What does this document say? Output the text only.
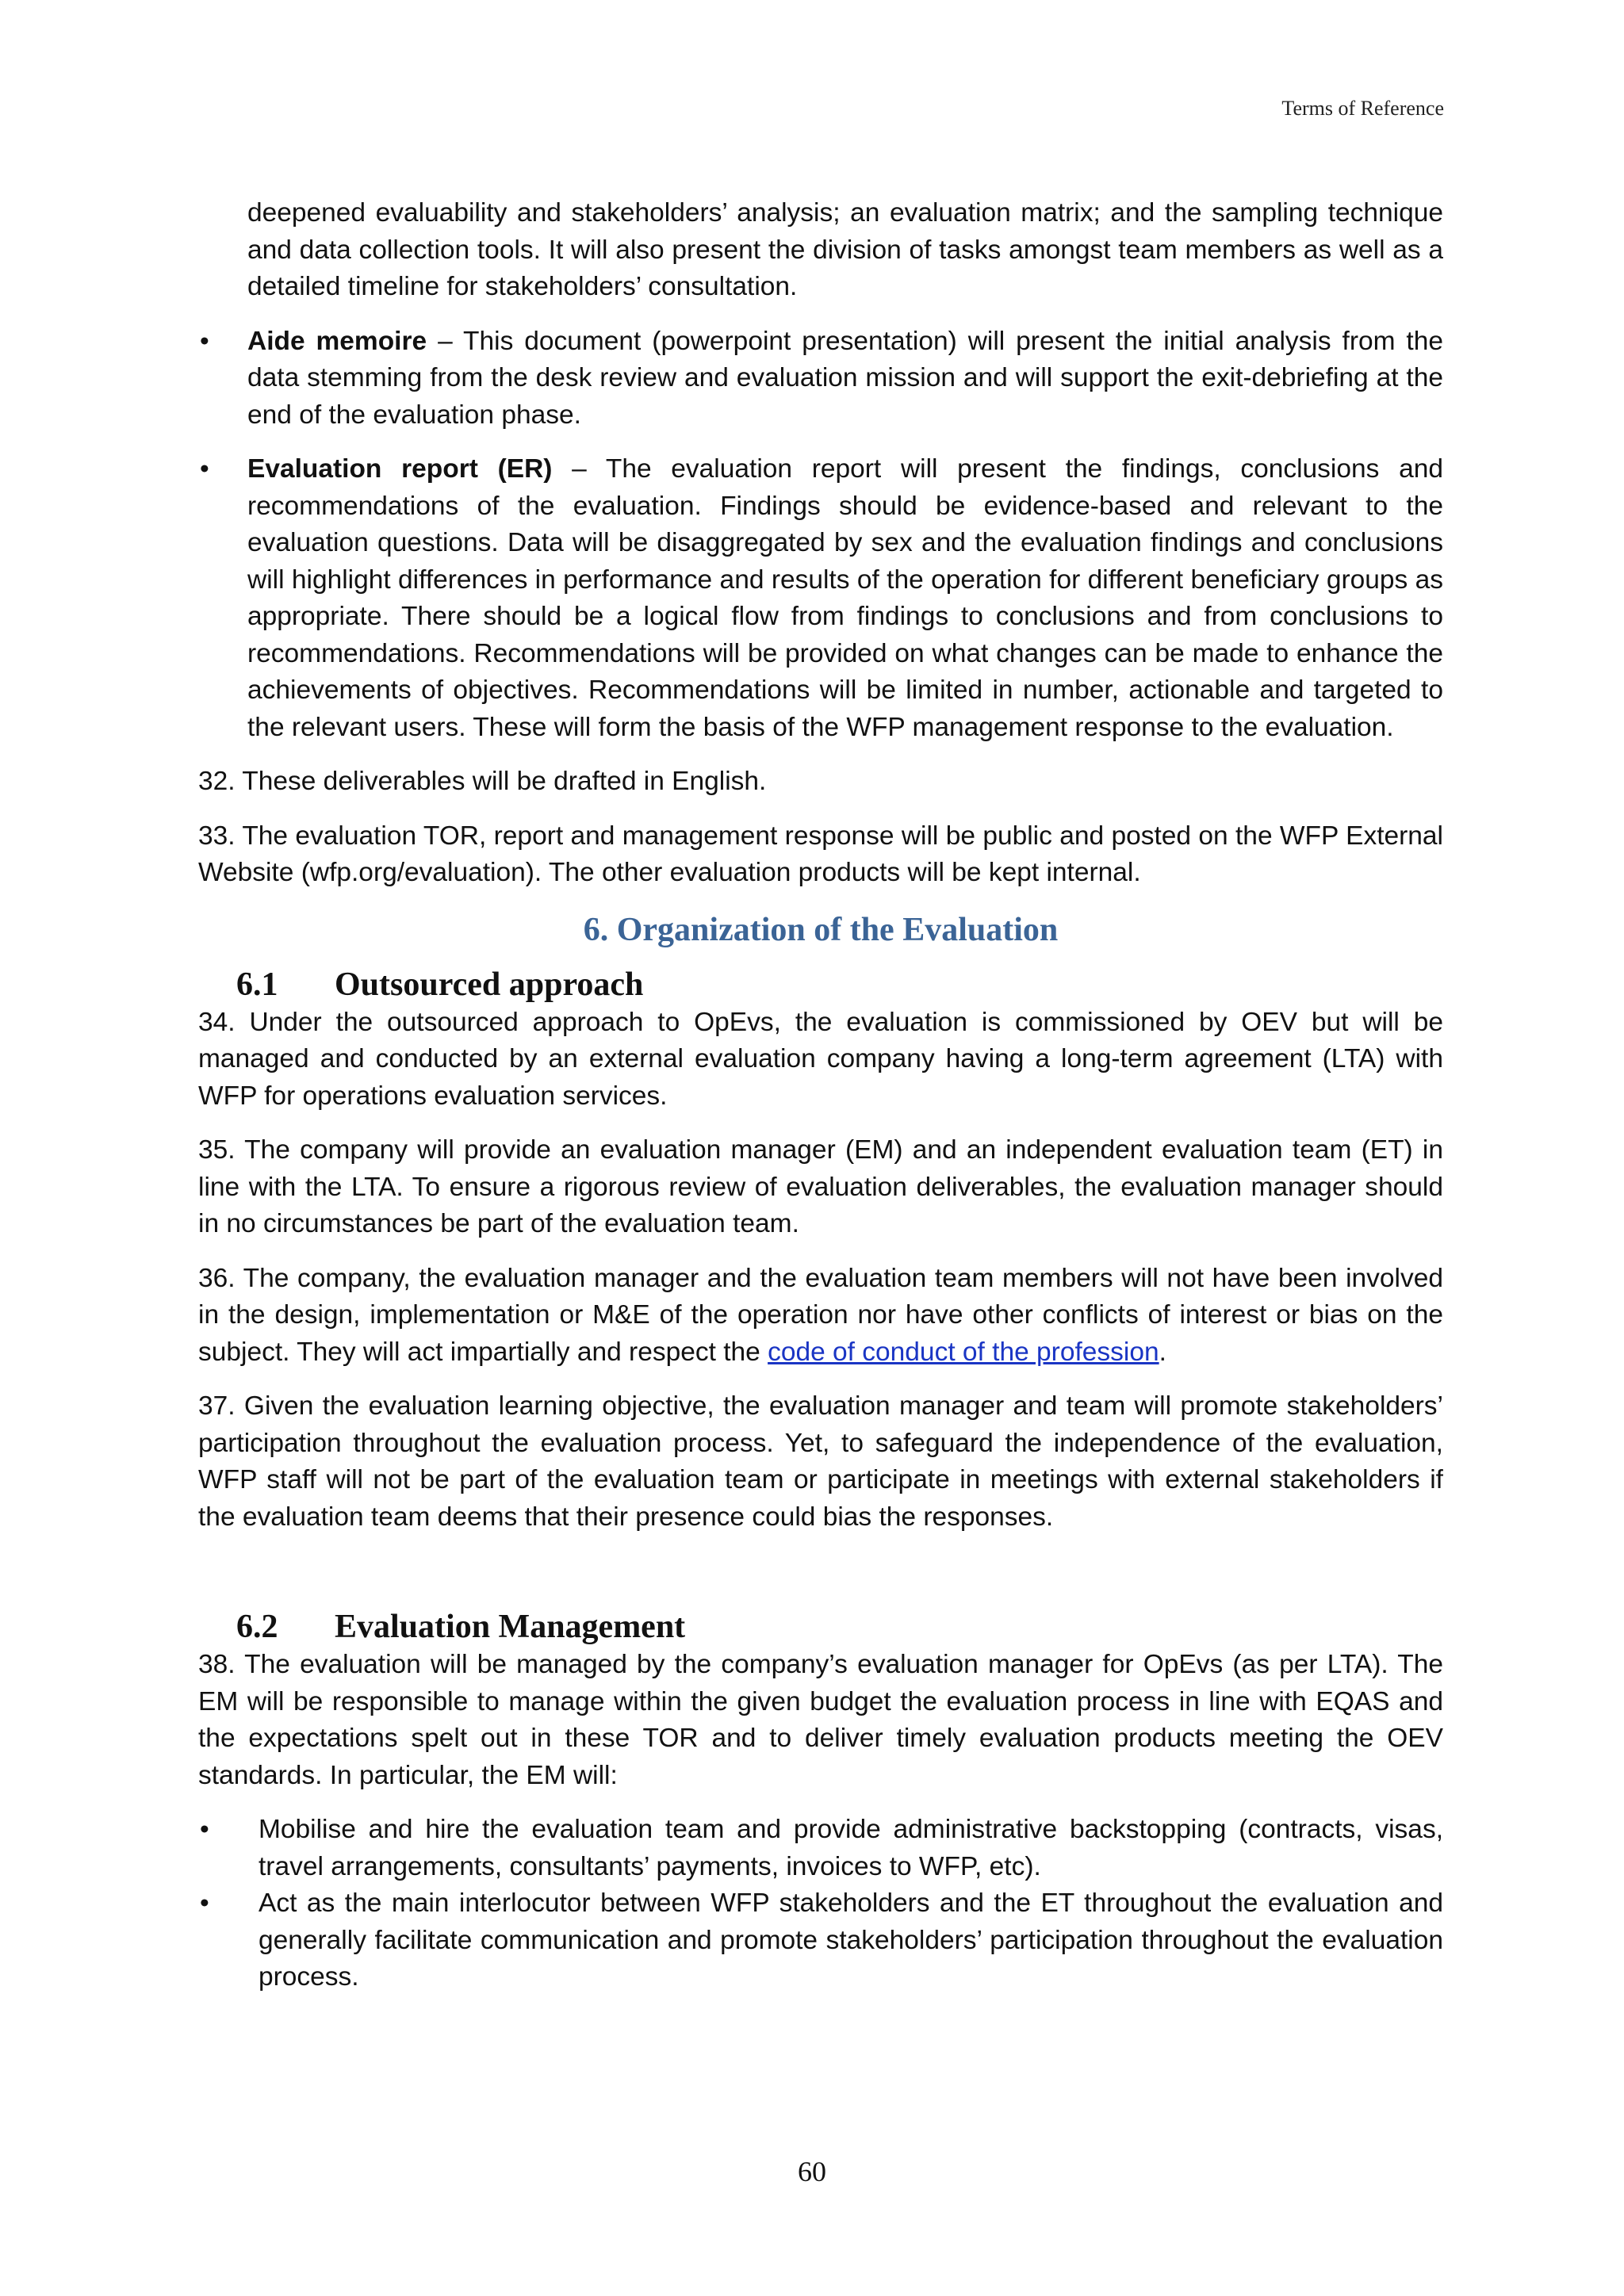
Terms of Reference

deepened evaluability and stakeholders’ analysis; an evaluation matrix; and the sampling technique and data collection tools. It will also present the division of tasks amongst team members as well as a detailed timeline for stakeholders’ consultation.

• Aide memoire – This document (powerpoint presentation) will present the initial analysis from the data stemming from the desk review and evaluation mission and will support the exit-debriefing at the end of the evaluation phase.
• Evaluation report (ER) – The evaluation report will present the findings, conclusions and recommendations of the evaluation. Findings should be evidence-based and relevant to the evaluation questions. Data will be disaggregated by sex and the evaluation findings and conclusions will highlight differences in performance and results of the operation for different beneficiary groups as appropriate. There should be a logical flow from findings to conclusions and from conclusions to recommendations. Recommendations will be provided on what changes can be made to enhance the achievements of objectives. Recommendations will be limited in number, actionable and targeted to the relevant users. These will form the basis of the WFP management response to the evaluation.

32. These deliverables will be drafted in English.

33. The evaluation TOR, report and management response will be public and posted on the WFP External Website (wfp.org/evaluation). The other evaluation products will be kept internal.

6. Organization of the Evaluation
6.1 Outsourced approach

34. Under the outsourced approach to OpEvs, the evaluation is commissioned by OEV but will be managed and conducted by an external evaluation company having a long-term agreement (LTA) with WFP for operations evaluation services.

35. The company will provide an evaluation manager (EM) and an independent evaluation team (ET) in line with the LTA. To ensure a rigorous review of evaluation deliverables, the evaluation manager should in no circumstances be part of the evaluation team.

36. The company, the evaluation manager and the evaluation team members will not have been involved in the design, implementation or M&E of the operation nor have other conflicts of interest or bias on the subject. They will act impartially and respect the code of conduct of the profession.

37. Given the evaluation learning objective, the evaluation manager and team will promote stakeholders’ participation throughout the evaluation process. Yet, to safeguard the independence of the evaluation, WFP staff will not be part of the evaluation team or participate in meetings with external stakeholders if the evaluation team deems that their presence could bias the responses.

6.2 Evaluation Management

38. The evaluation will be managed by the company’s evaluation manager for OpEvs (as per LTA). The EM will be responsible to manage within the given budget the evaluation process in line with EQAS and the expectations spelt out in these TOR and to deliver timely evaluation products meeting the OEV standards. In particular, the EM will:

• Mobilise and hire the evaluation team and provide administrative backstopping (contracts, visas, travel arrangements, consultants’ payments, invoices to WFP, etc).
• Act as the main interlocutor between WFP stakeholders and the ET throughout the evaluation and generally facilitate communication and promote stakeholders’ participation throughout the evaluation process.
60
